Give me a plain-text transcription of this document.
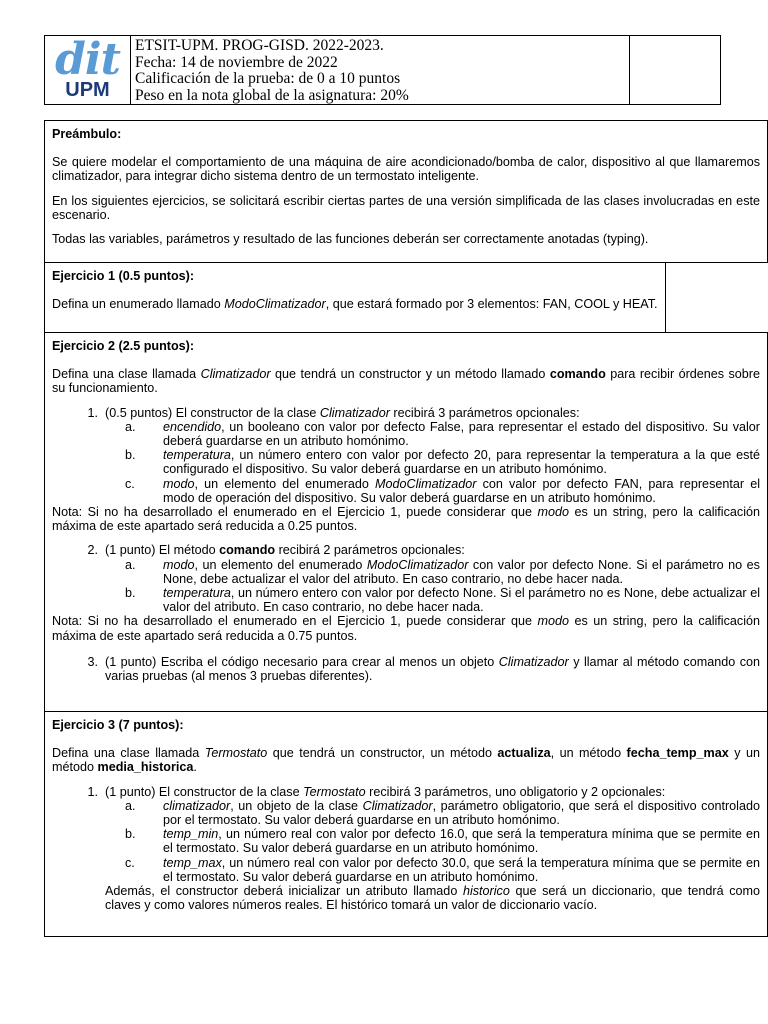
dit
UPM
ETSIT-UPM. PROG-GISD. 2022-2023.
Fecha: 14 de noviembre de 2022
Calificación de la prueba: de 0 a 10 puntos
Peso en la nota global de la asignatura: 20%
Preámbulo:

Se quiere modelar el comportamiento de una máquina de aire acondicionado/bomba de calor, dispositivo al que llamaremos climatizador, para integrar dicho sistema dentro de un termostato inteligente.

En los siguientes ejercicios, se solicitará escribir ciertas partes de una versión simplificada de las clases involucradas en este escenario.

Todas las variables, parámetros y resultado de las funciones deberán ser correctamente anotadas (typing).

Ejercicio 1 (0.5 puntos):

Defina un enumerado llamado ModoClimatizador, que estará formado por 3 elementos: FAN, COOL y HEAT.

Ejercicio 2 (2.5 puntos):

Defina una clase llamada Climatizador que tendrá un constructor y un método llamado comando para recibir órdenes sobre su funcionamiento.

1. (0.5 puntos) El constructor de la clase Climatizador recibirá 3 parámetros opcionales:
a.	encendido, un booleano con valor por defecto False, para representar el estado del dispositivo. Su valor deberá guardarse en un atributo homónimo.
b.	temperatura, un número entero con valor por defecto 20, para representar la temperatura a la que esté configurado el dispositivo. Su valor deberá guardarse en un atributo homónimo.
c.	modo, un elemento del enumerado ModoClimatizador con valor por defecto FAN, para representar el modo de operación del dispositivo. Su valor deberá guardarse en un atributo homónimo.
Nota: Si no ha desarrollado el enumerado en el Ejercicio 1, puede considerar que modo es un string, pero la calificación máxima de este apartado será reducida a 0.25 puntos.
2. (1 punto) El método comando recibirá 2 parámetros opcionales:
a.	modo, un elemento del enumerado ModoClimatizador con valor por defecto None. Si el parámetro no es None, debe actualizar el valor del atributo. En caso contrario, no debe hacer nada.
b.	temperatura, un número entero con valor por defecto None. Si el parámetro no es None, debe actualizar el valor del atributo. En caso contrario, no debe hacer nada.
Nota: Si no ha desarrollado el enumerado en el Ejercicio 1, puede considerar que modo es un string, pero la calificación máxima de este apartado será reducida a 0.75 puntos.
3. (1 punto) Escriba el código necesario para crear al menos un objeto Climatizador y llamar al método comando con varias pruebas (al menos 3 pruebas diferentes).
Ejercicio 3 (7 puntos):

Defina una clase llamada Termostato que tendrá un constructor, un método actualiza, un método fecha_temp_max y un método media_historica.

1. (1 punto) El constructor de la clase Termostato recibirá 3 parámetros, uno obligatorio y 2 opcionales:
a.	climatizador, un objeto de la clase Climatizador, parámetro obligatorio, que será el dispositivo controlado por el termostato. Su valor deberá guardarse en un atributo homónimo.
b.	temp_min, un número real con valor por defecto 16.0, que será la temperatura mínima que se permite en el termostato. Su valor deberá guardarse en un atributo homónimo.
c.	temp_max, un número real con valor por defecto 30.0, que será la temperatura mínima que se permite en el termostato. Su valor deberá guardarse en un atributo homónimo.
Además, el constructor deberá inicializar un atributo llamado historico que será un diccionario, que tendrá como claves y como valores números reales. El histórico tomará un valor de diccionario vacío.
